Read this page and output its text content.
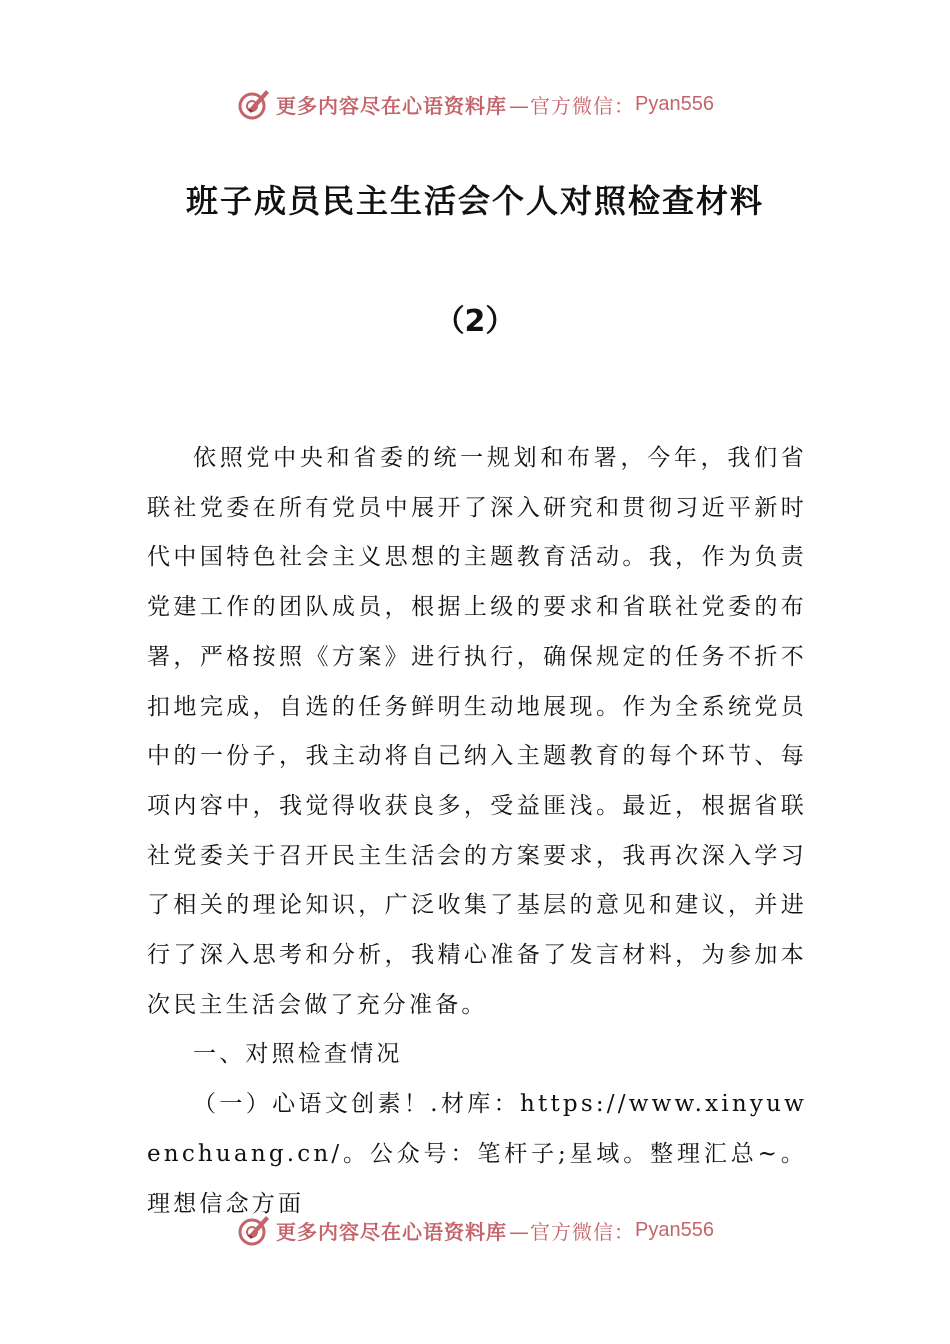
更多内容尽在心语资料库 —官方微信： Pyan556
班子成员民主生活会个人对照检查材料
（2）

依照党中央和省委的统一规划和布署，今年，我们省联社党委在所有党员中展开了深入研究和贯彻习近平新时代中国特色社会主义思想的主题教育活动。我，作为负责党建工作的团队成员，根据上级的要求和省联社党委的布署，严格按照《方案》进行执行，确保规定的任务不折不扣地完成，自选的任务鲜明生动地展现。作为全系统党员中的一份子，我主动将自己纳入主题教育的每个环节、每项内容中，我觉得收获良多，受益匪浅。最近，根据省联社党委关于召开民主生活会的方案要求，我再次深入学习了相关的理论知识，广泛收集了基层的意见和建议，并进行了深入思考和分析，我精心准备了发言材料，为参加本次民主生活会做了充分准备。

一、对照检查情况

（一）心语文创素！.材库：https://www.xinyuwenchuang.cn/。公众号：笔杆子;星域。整理汇总~。理想信念方面

更多内容尽在心语资料库 —官方微信： Pyan556
